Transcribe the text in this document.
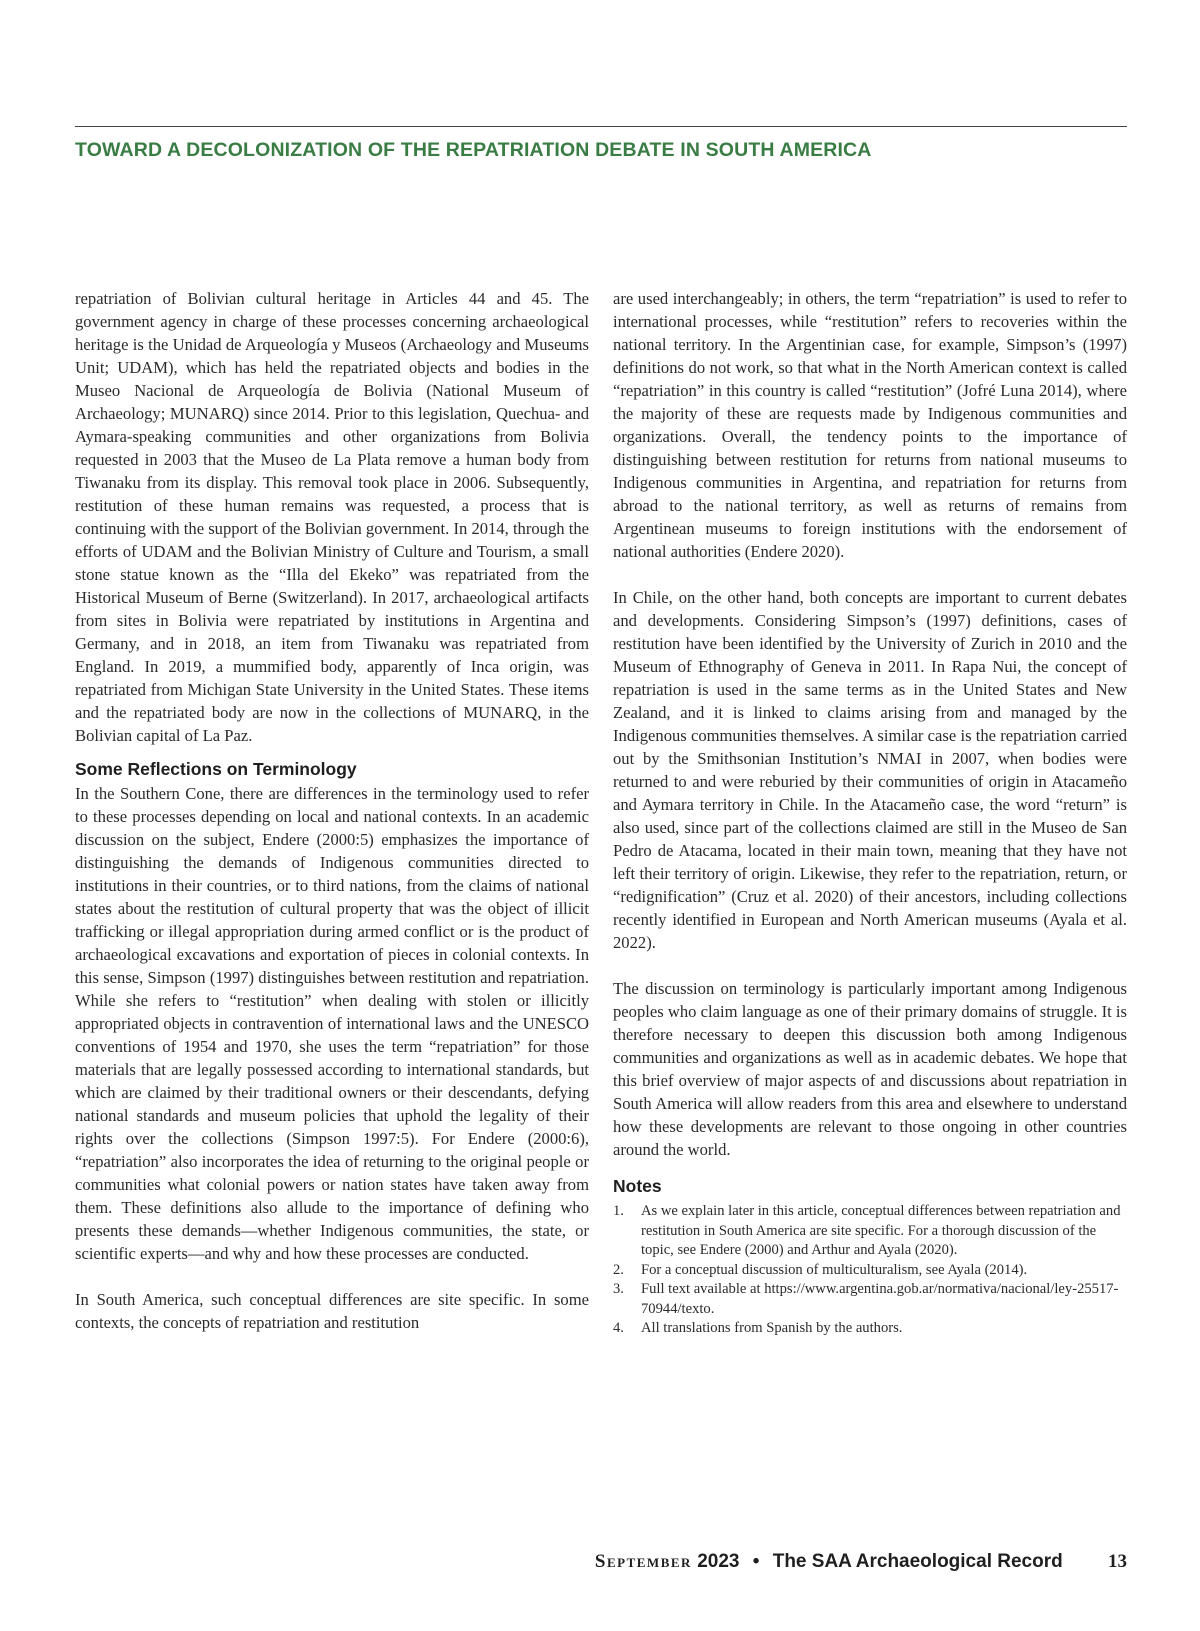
TOWARD A DECOLONIZATION OF THE REPATRIATION DEBATE IN SOUTH AMERICA

repatriation of Bolivian cultural heritage in Articles 44 and 45. The government agency in charge of these processes concerning archaeological heritage is the Unidad de Arqueología y Museos (Archaeology and Museums Unit; UDAM), which has held the repatriated objects and bodies in the Museo Nacional de Arqueología de Bolivia (National Museum of Archaeology; MUNARQ) since 2014. Prior to this legislation, Quechua- and Aymara-speaking communities and other organizations from Bolivia requested in 2003 that the Museo de La Plata remove a human body from Tiwanaku from its display. This removal took place in 2006. Subsequently, restitution of these human remains was requested, a process that is continuing with the support of the Bolivian government. In 2014, through the efforts of UDAM and the Bolivian Ministry of Culture and Tourism, a small stone statue known as the “Illa del Ekeko” was repatriated from the Historical Museum of Berne (Switzerland). In 2017, archaeological artifacts from sites in Bolivia were repatriated by institutions in Argentina and Germany, and in 2018, an item from Tiwanaku was repatriated from England. In 2019, a mummified body, apparently of Inca origin, was repatriated from Michigan State University in the United States. These items and the repatriated body are now in the collections of MUNARQ, in the Bolivian capital of La Paz.

Some Reflections on Terminology

In the Southern Cone, there are differences in the terminology used to refer to these processes depending on local and national contexts. In an academic discussion on the subject, Endere (2000:5) emphasizes the importance of distinguishing the demands of Indigenous communities directed to institutions in their countries, or to third nations, from the claims of national states about the restitution of cultural property that was the object of illicit trafficking or illegal appropriation during armed conflict or is the product of archaeological excavations and exportation of pieces in colonial contexts. In this sense, Simpson (1997) distinguishes between restitution and repatriation. While she refers to “restitution” when dealing with stolen or illicitly appropriated objects in contravention of international laws and the UNESCO conventions of 1954 and 1970, she uses the term “repatriation” for those materials that are legally possessed according to international standards, but which are claimed by their traditional owners or their descendants, defying national standards and museum policies that uphold the legality of their rights over the collections (Simpson 1997:5). For Endere (2000:6), “repatriation” also incorporates the idea of returning to the original people or communities what colonial powers or nation states have taken away from them. These definitions also allude to the importance of defining who presents these demands—whether Indigenous communities, the state, or scientific experts—and why and how these processes are conducted.

In South America, such conceptual differences are site specific. In some contexts, the concepts of repatriation and restitution

are used interchangeably; in others, the term “repatriation” is used to refer to international processes, while “restitution” refers to recoveries within the national territory. In the Argentinian case, for example, Simpson’s (1997) definitions do not work, so that what in the North American context is called “repatriation” in this country is called “restitution” (Jofré Luna 2014), where the majority of these are requests made by Indigenous communities and organizations. Overall, the tendency points to the importance of distinguishing between restitution for returns from national museums to Indigenous communities in Argentina, and repatriation for returns from abroad to the national territory, as well as returns of remains from Argentinean museums to foreign institutions with the endorsement of national authorities (Endere 2020).

In Chile, on the other hand, both concepts are important to current debates and developments. Considering Simpson’s (1997) definitions, cases of restitution have been identified by the University of Zurich in 2010 and the Museum of Ethnography of Geneva in 2011. In Rapa Nui, the concept of repatriation is used in the same terms as in the United States and New Zealand, and it is linked to claims arising from and managed by the Indigenous communities themselves. A similar case is the repatriation carried out by the Smithsonian Institution’s NMAI in 2007, when bodies were returned to and were reburied by their communities of origin in Atacameño and Aymara territory in Chile. In the Atacameño case, the word “return” is also used, since part of the collections claimed are still in the Museo de San Pedro de Atacama, located in their main town, meaning that they have not left their territory of origin. Likewise, they refer to the repatriation, return, or “redignification” (Cruz et al. 2020) of their ancestors, including collections recently identified in European and North American museums (Ayala et al. 2022).

The discussion on terminology is particularly important among Indigenous peoples who claim language as one of their primary domains of struggle. It is therefore necessary to deepen this discussion both among Indigenous communities and organizations as well as in academic debates. We hope that this brief overview of major aspects of and discussions about repatriation in South America will allow readers from this area and elsewhere to understand how these developments are relevant to those ongoing in other countries around the world.

Notes
1. As we explain later in this article, conceptual differences between repatriation and restitution in South America are site specific. For a thorough discussion of the topic, see Endere (2000) and Arthur and Ayala (2020).
2. For a conceptual discussion of multiculturalism, see Ayala (2014).
3. Full text available at https://www.argentina.gob.ar/normativa/nacional/ley-25517-70944/texto.
4. All translations from Spanish by the authors.
September 2023 • The SAA Archaeological Record 13
